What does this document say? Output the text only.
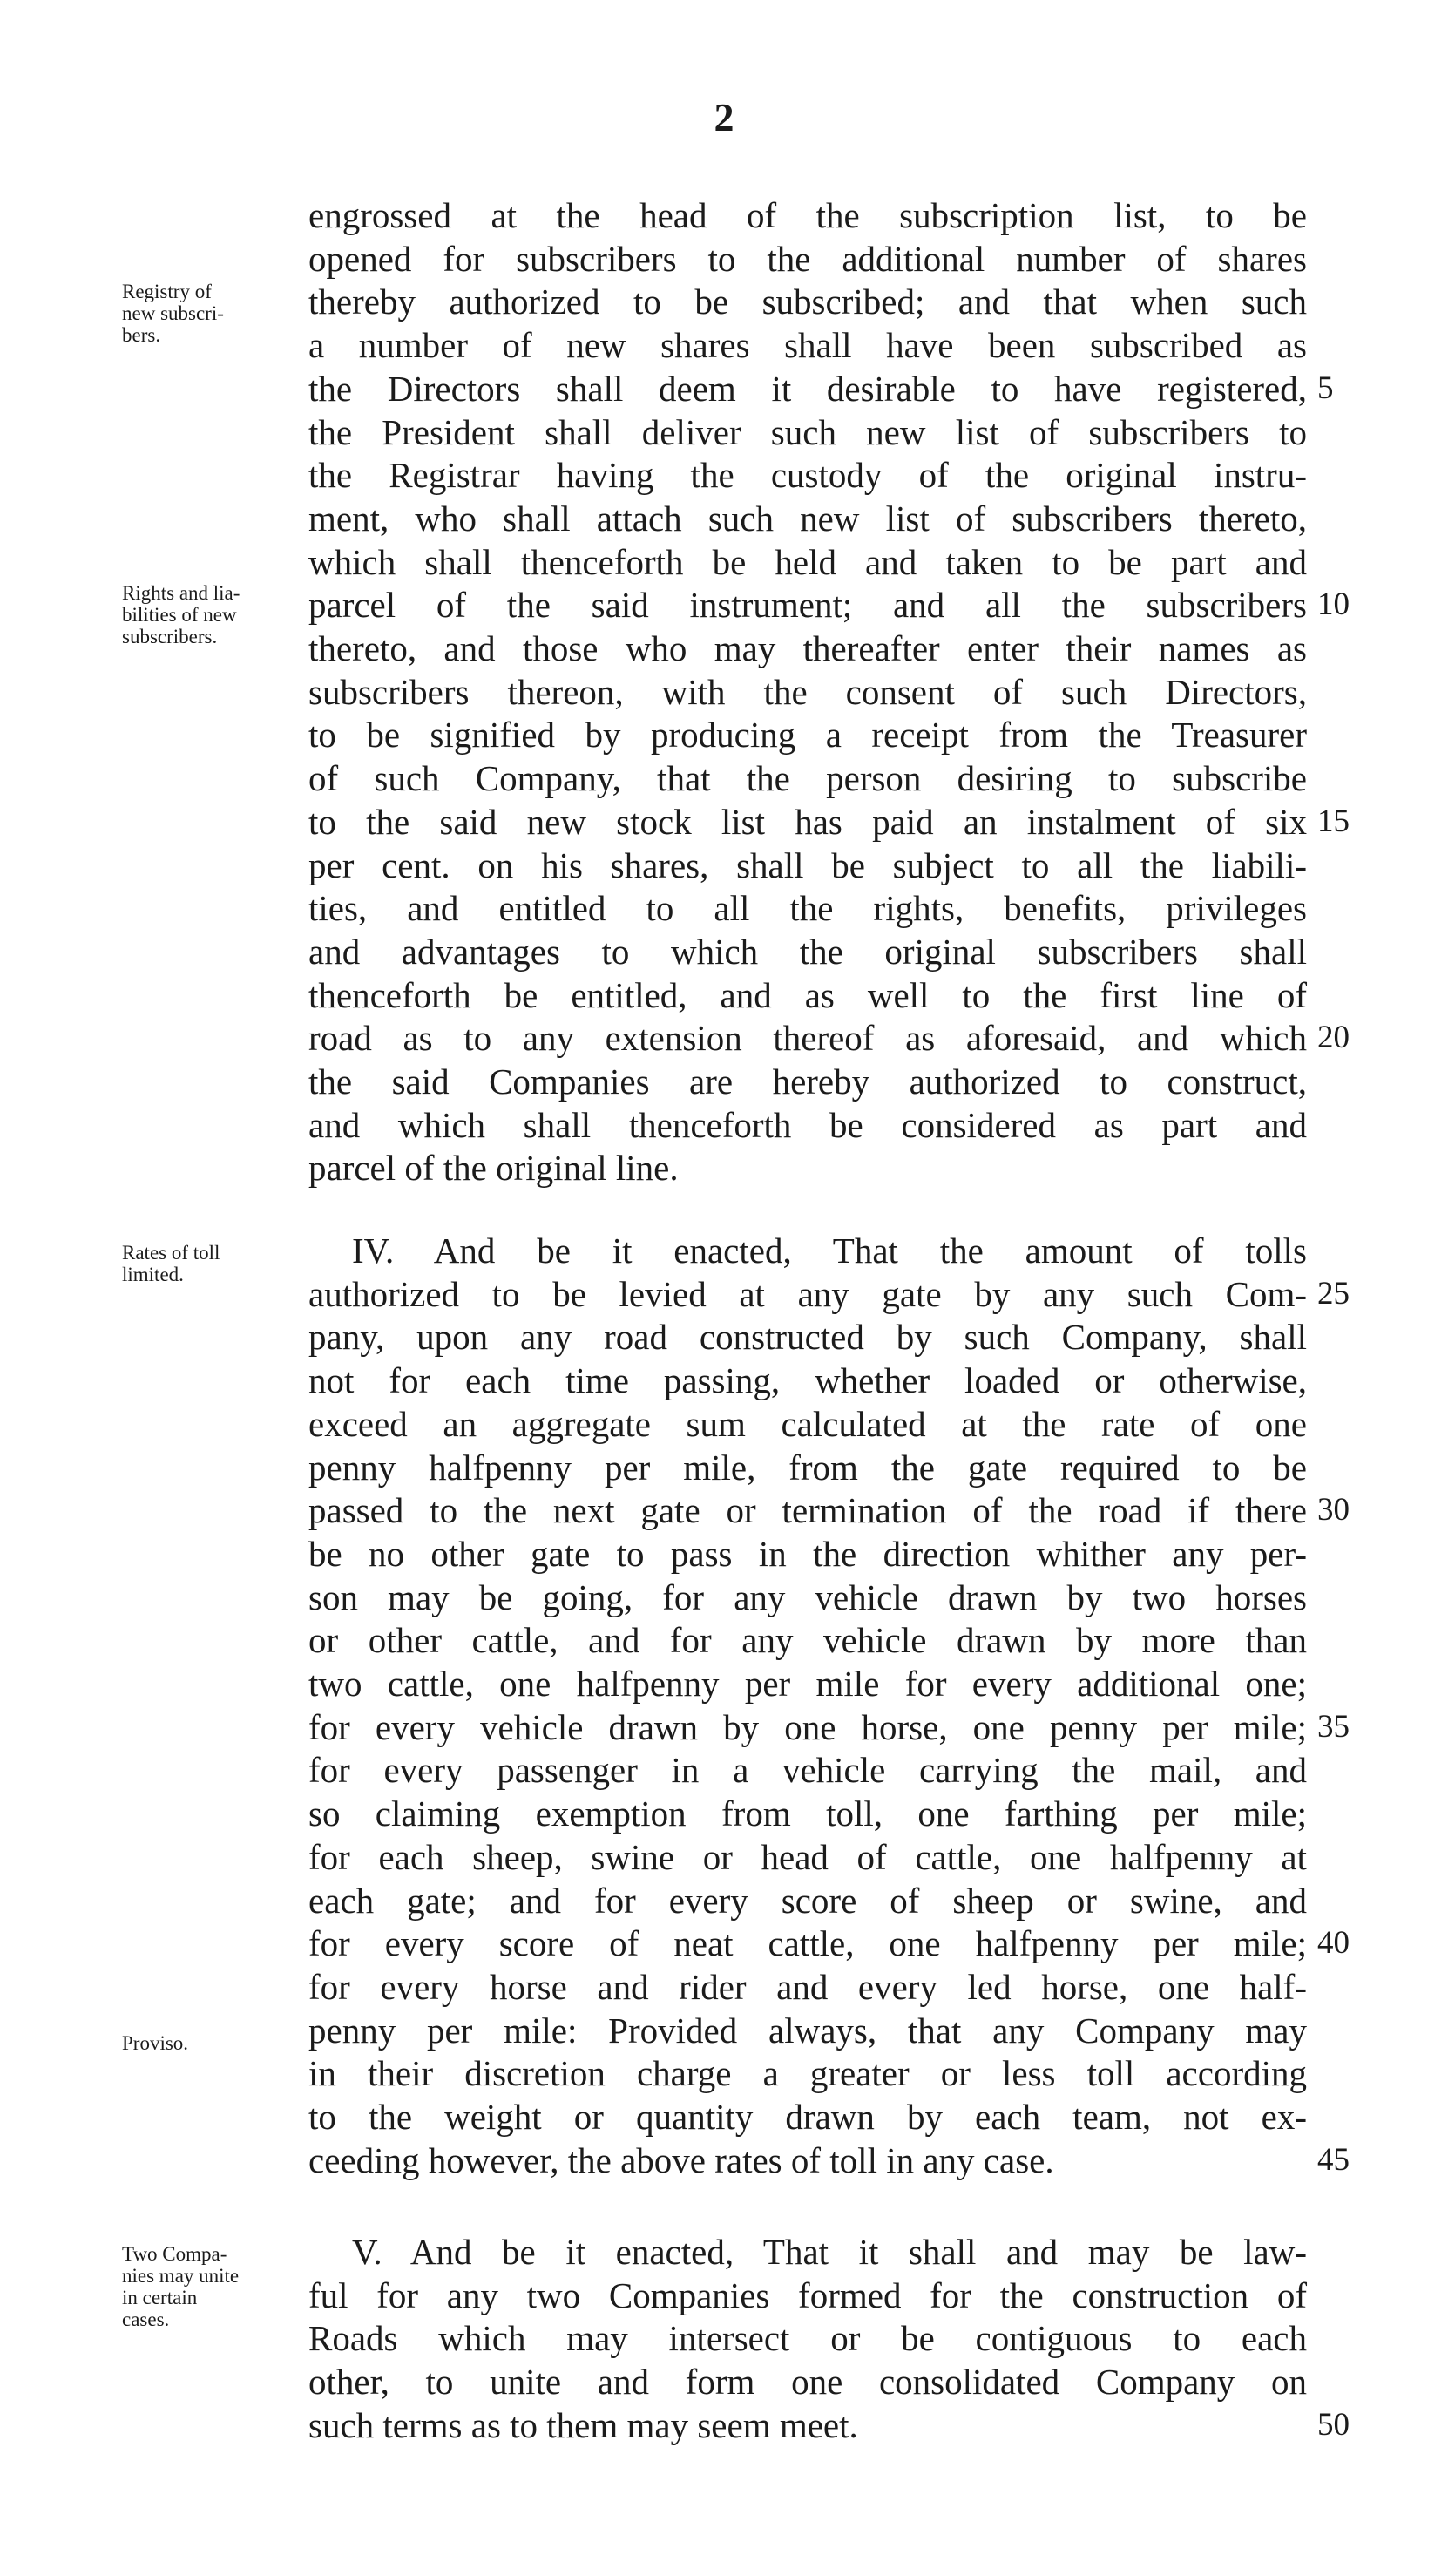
2
Registry of
new subscri-
bers.
Rights and lia-
bilities of new
subscribers.
Rates of toll
limited.
Proviso.
Two Compa-
nies may unite
in certain
cases.
engrossed at the head of the subscription list, to be
opened for subscribers to the additional number of shares
thereby authorized to be subscribed; and that when such
a number of new shares shall have been subscribed as
the Directors shall deem it desirable to have registered, 5
the President shall deliver such new list of subscribers to
the Registrar having the custody of the original instru-
ment, who shall attach such new list of subscribers thereto,
which shall thenceforth be held and taken to be part and
parcel of the said instrument; and all the subscribers 10
thereto, and those who may thereafter enter their names as
subscribers thereon, with the consent of such Directors,
to be signified by producing a receipt from the Treasurer
of such Company, that the person desiring to subscribe
to the said new stock list has paid an instalment of six 15
per cent. on his shares, shall be subject to all the liabili-
ties, and entitled to all the rights, benefits, privileges
and advantages to which the original subscribers shall
thenceforth be entitled, and as well to the first line of
road as to any extension thereof as aforesaid, and which 20
the said Companies are hereby authorized to construct,
and which shall thenceforth be considered as part and
parcel of the original line.
IV. And be it enacted, That the amount of tolls
authorized to be levied at any gate by any such Com- 25
pany, upon any road constructed by such Company, shall
not for each time passing, whether loaded or otherwise,
exceed an aggregate sum calculated at the rate of one
penny halfpenny per mile, from the gate required to be
passed to the next gate or termination of the road if there 30
be no other gate to pass in the direction whither any per-
son may be going, for any vehicle drawn by two horses
or other cattle, and for any vehicle drawn by more than
two cattle, one halfpenny per mile for every additional one;
for every vehicle drawn by one horse, one penny per mile; 35
for every passenger in a vehicle carrying the mail, and
so claiming exemption from toll, one farthing per mile;
for each sheep, swine or head of cattle, one halfpenny at
each gate; and for every score of sheep or swine, and
for every score of neat cattle, one halfpenny per mile; 40
for every horse and rider and every led horse, one half-
penny per mile: Provided always, that any Company may
in their discretion charge a greater or less toll according
to the weight or quantity drawn by each team, not ex-
ceeding however, the above rates of toll in any case.	45
V. And be it enacted, That it shall and may be law-
ful for any two Companies formed for the construction of
Roads which may intersect or be contiguous to each
other, to unite and form one consolidated Company on
such terms as to them may seem meet.	50
